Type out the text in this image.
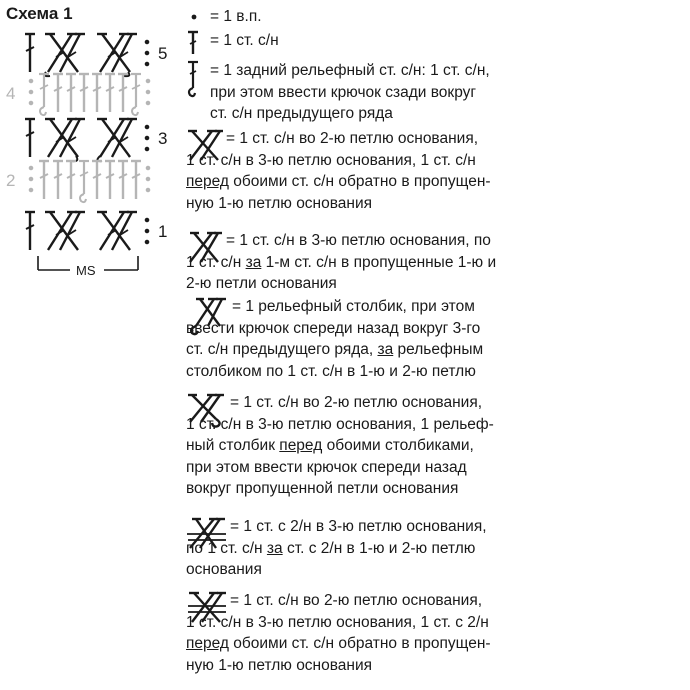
Схема 1
5
4
3
2
1
MS
= 1 в.п.
= 1 ст. с/н
= 1 задний рельефный ст. с/н: 1 ст. с/н,
при этом ввести крючок сзади вокруг
ст. с/н предыдущего ряда
= 1 ст. с/н во 2-ю петлю основания,
1 ст. с/н в 3-ю петлю основания, 1 ст. с/н
перед обоими ст. с/н обратно в пропущен-
ную 1-ю петлю основания
= 1 ст. с/н в 3-ю петлю основания, по
1 ст. с/н за 1-м ст. с/н в пропущенные 1-ю и
2-ю петли основания
= 1 рельефный столбик, при этом
ввести крючок спереди назад вокруг 3-го
ст. с/н предыдущего ряда, за рельефным
столбиком по 1 ст. с/н в 1-ю и 2-ю петлю
= 1 ст. с/н во 2-ю петлю основания,
1 ст. с/н в 3-ю петлю основания, 1 рельеф-
ный столбик перед обоими столбиками,
при этом ввести крючок спереди назад
вокруг пропущенной петли основания
= 1 ст. с 2/н в 3-ю петлю основания,
по 1 ст. с/н за ст. с 2/н в 1-ю и 2-ю петлю
основания
= 1 ст. с/н во 2-ю петлю основания,
1 ст. с/н в 3-ю петлю основания, 1 ст. с 2/н
перед обоими ст. с/н обратно в пропущен-
ную 1-ю петлю основания
